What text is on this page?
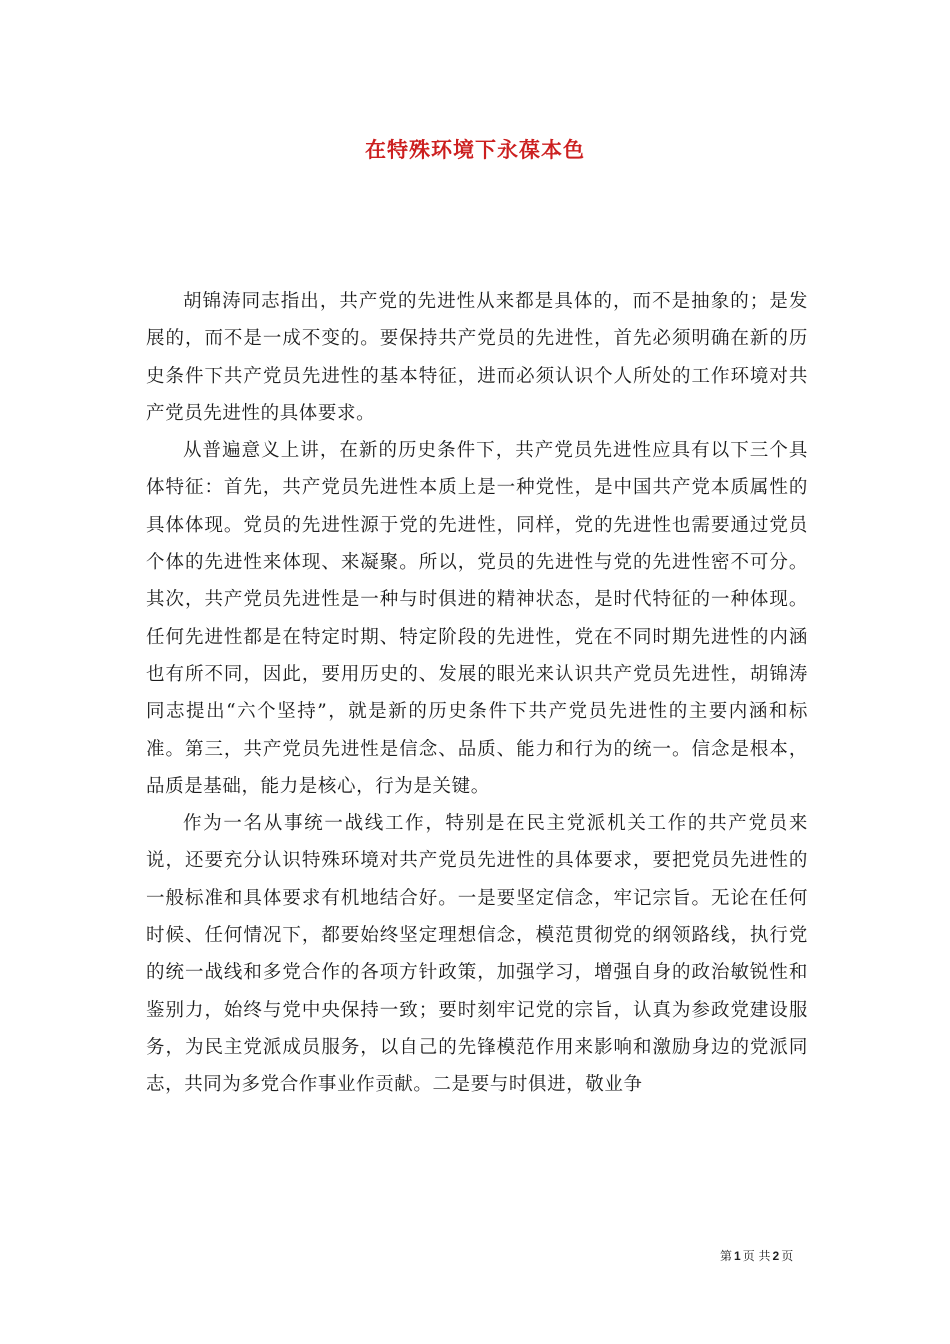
在特殊环境下永葆本色

胡锦涛同志指出，共产党的先进性从来都是具体的，而不是抽象的；是发展的，而不是一成不变的。要保持共产党员的先进性，首先必须明确在新的历史条件下共产党员先进性的基本特征，进而必须认识个人所处的工作环境对共产党员先进性的具体要求。

从普遍意义上讲，在新的历史条件下，共产党员先进性应具有以下三个具体特征：首先，共产党员先进性本质上是一种党性，是中国共产党本质属性的具体体现。党员的先进性源于党的先进性，同样，党的先进性也需要通过党员个体的先进性来体现、来凝聚。所以，党员的先进性与党的先进性密不可分。其次，共产党员先进性是一种与时俱进的精神状态，是时代特征的一种体现。任何先进性都是在特定时期、特定阶段的先进性，党在不同时期先进性的内涵也有所不同，因此，要用历史的、发展的眼光来认识共产党员先进性，胡锦涛同志提出“六个坚持”，就是新的历史条件下共产党员先进性的主要内涵和标准。第三，共产党员先进性是信念、品质、能力和行为的统一。信念是根本，品质是基础，能力是核心，行为是关键。

作为一名从事统一战线工作，特别是在民主党派机关工作的共产党员来说，还要充分认识特殊环境对共产党员先进性的具体要求，要把党员先进性的一般标准和具体要求有机地结合好。一是要坚定信念，牢记宗旨。无论在任何时候、任何情况下，都要始终坚定理想信念，模范贯彻党的纲领路线，执行党的统一战线和多党合作的各项方针政策，加强学习，增强自身的政治敏锐性和鉴别力，始终与党中央保持一致；要时刻牢记党的宗旨，认真为参政党建设服务，为民主党派成员服务，以自己的先锋模范作用来影响和激励身边的党派同志，共同为多党合作事业作贡献。二是要与时俱进，敬业争

第 1 页 共 2 页
